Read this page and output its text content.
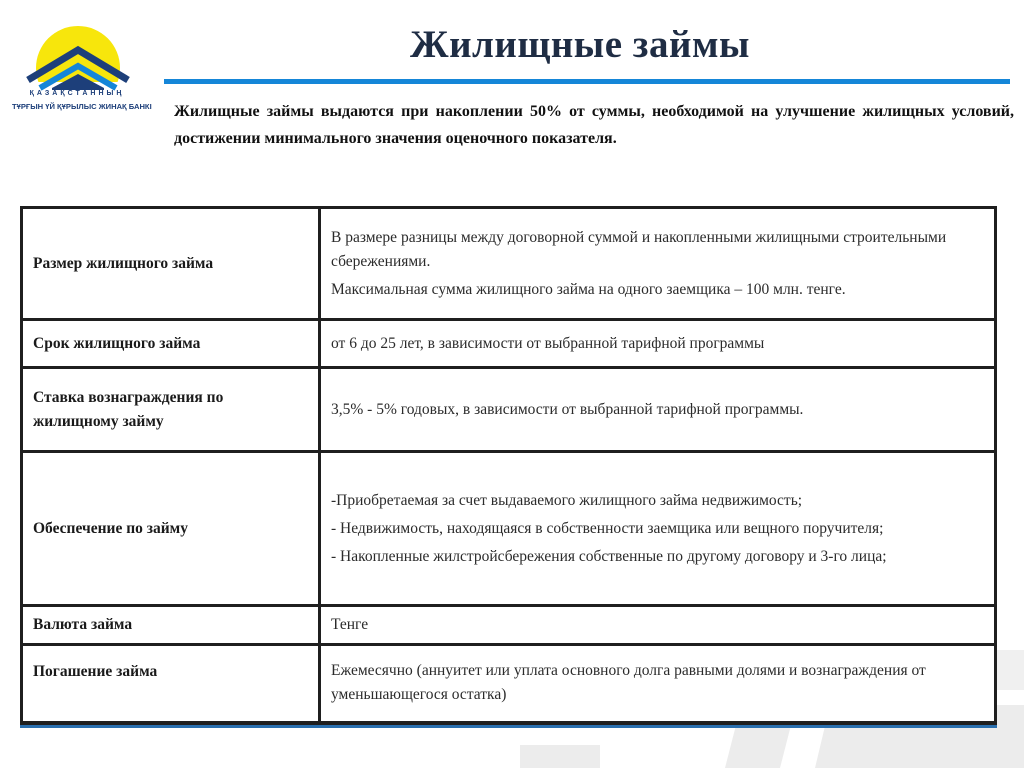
ҚАЗАҚСТАННЫҢ
ТҰРҒЫН ҮЙ ҚҰРЫЛЫС ЖИНАҚ БАНКІ
Жилищные займы
Жилищные займы выдаются при накоплении 50% от суммы, необходимой на улучшение жилищных условий, достижении минимального значения оценочного показателя.
Размер жилищного займа	В размере разницы между договорной суммой и накопленными жилищными строительными сбережениями.

Максимальная сумма жилищного займа на одного заемщика – 100 млн. тенге.

Срок жилищного займа	от 6 до 25 лет, в зависимости от выбранной тарифной программы

Ставка вознаграждения по жилищному займу	3,5% - 5% годовых, в зависимости от выбранной тарифной программы.

Обеспечение по займу	-Приобретаемая за счет выдаваемого жилищного займа недвижимость;

- Недвижимость, находящаяся в собственности заемщика или вещного поручителя;

- Накопленные жилстройсбережения собственные по другому договору и 3-го лица;

Валюта займа	Тенге

Погашение займа	Ежемесячно (аннуитет или уплата основного долга равными долями и вознаграждения от уменьшающегося остатка)
